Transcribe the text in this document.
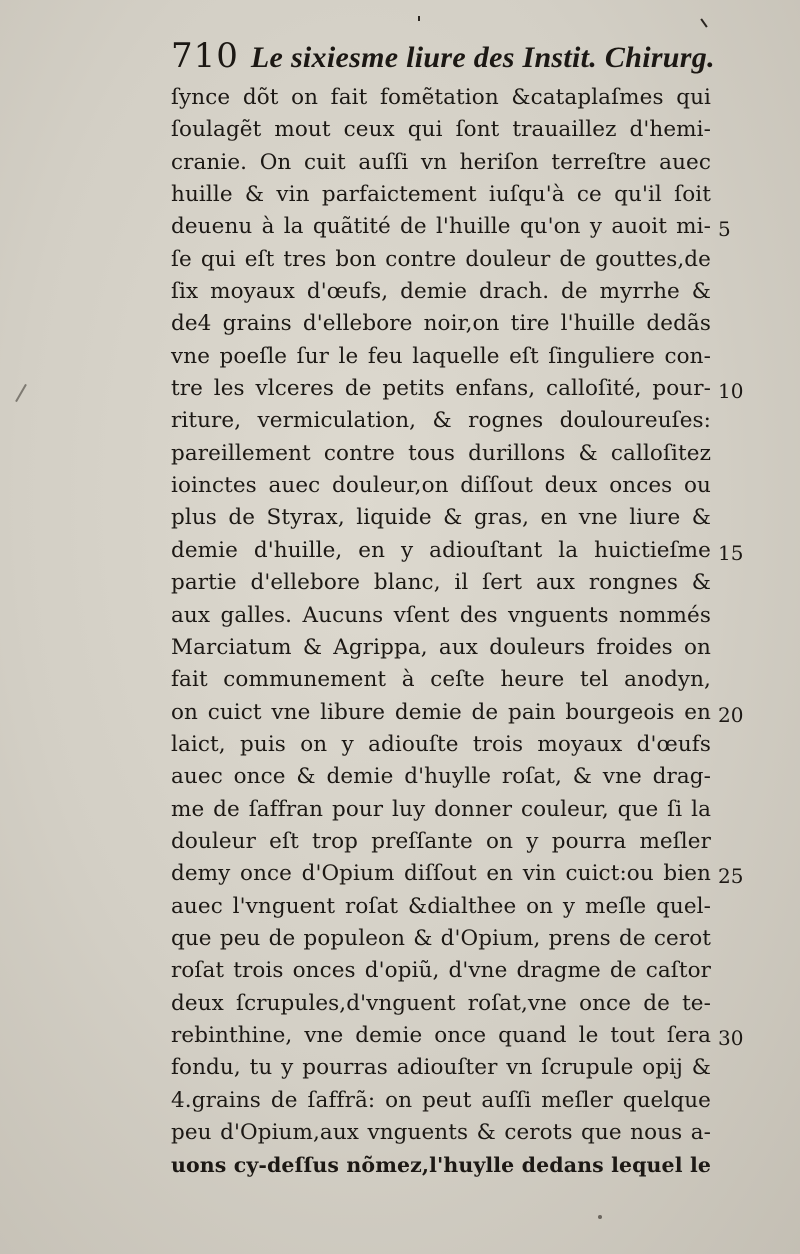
710 Le sixiesme liure des Instit. Chirurg.
ſynce dõt on fait fomẽtation &cataplaſmes qui
ſoulagẽt mout ceux qui ſont trauaillez d'hemi-
cranie. On cuit auſſi vn heriſon terreſtre auec
huille & vin parfaictement iuſqu'à ce qu'il ſoit
deuenu à la quãtité de l'huille qu'on y auoit mi-
ſe qui eſt tres bon contre douleur de gouttes,de
ſix moyaux d'œufs, demie drach. de myrrhe &
de4 grains d'ellebore noir,on tire l'huille dedãs
vne poeſle ſur le feu laquelle eſt ſinguliere con-
tre les vlceres de petits enfans, calloſité, pour-
riture, vermiculation, & rognes douloureuſes:
pareillement contre tous durillons & calloſitez
ioinctes auec douleur,on diſſout deux onces ou
plus de Styrax, liquide & gras, en vne liure &
demie d'huille, en y adiouſtant la huictieſme
partie d'ellebore blanc, il ſert aux rongnes &
aux galles. Aucuns vſent des vnguents nommés
Marciatum & Agrippa, aux douleurs froides on
fait communement à ceſte heure tel anodyn,
on cuict vne libure demie de pain bourgeois en
laict, puis on y adiouſte trois moyaux d'œufs
auec once & demie d'huylle roſat, & vne drag-
me de ſaffran pour luy donner couleur, que ſi la
douleur eſt trop preſſante on y pourra meſler
demy once d'Opium diſſout en vin cuict:ou bien
auec l'vnguent roſat &dialthee on y meſle quel-
que peu de populeon & d'Opium, prens de cerot
roſat trois onces d'opiũ, d'vne dragme de caſtor
deux ſcrupules,d'vnguent roſat,vne once de te-
rebinthine, vne demie once quand le tout ſera
fondu, tu y pourras adiouſter vn ſcrupule opij &
4.grains de ſaffrã: on peut auſſi meſler quelque
peu d'Opium,aux vnguents & cerots que nous a-
uons cy-deſſus nõmez,l'huylle dedans lequel le
5
10
15
20
25
30
